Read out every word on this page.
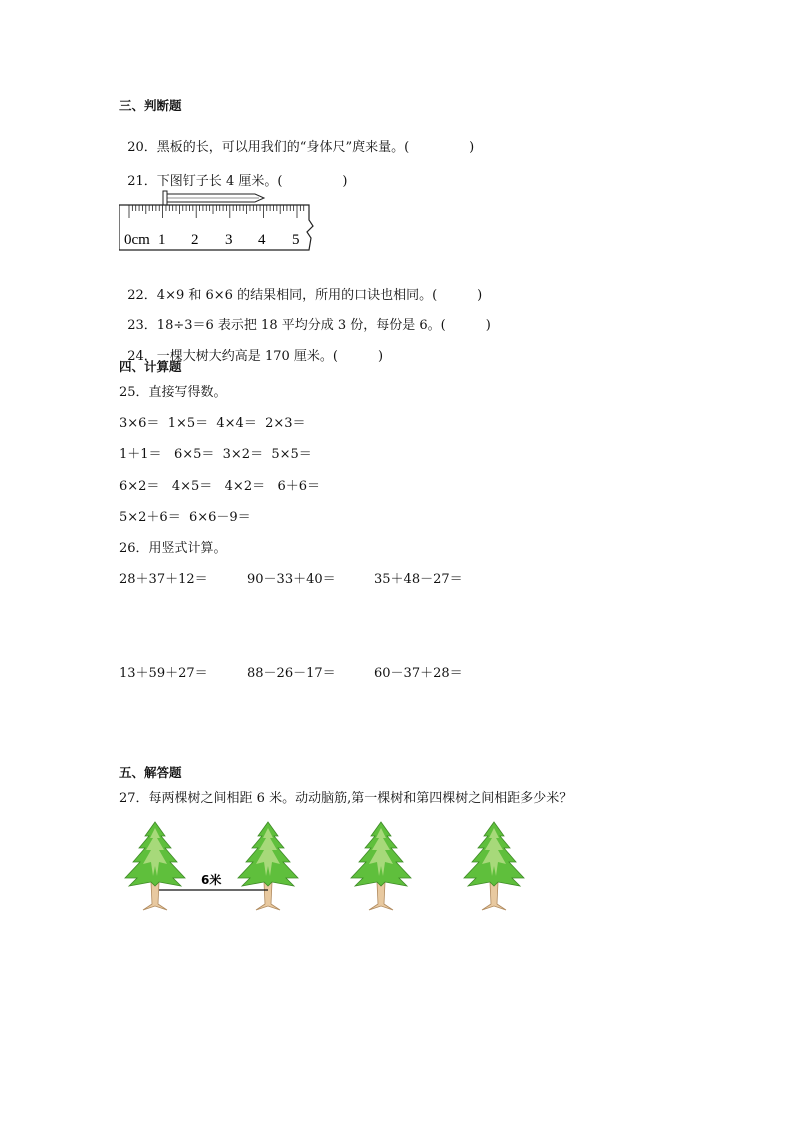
三、判断题

20．黑板的长，可以用我们的“身体尺”庹来量。(	)

21．下图钉子长 4 厘米。(	)

0cm 1 2 3 4 5

22．4×9 和 6×6 的结果相同，所用的口诀也相同。(	)

23．18÷3＝6 表示把 18 平均分成 3 份，每份是 6。(	)

24．一棵大树大约高是 170 厘米。(	)

四、计算题
25．直接写得数。
3×6＝  1×5＝  4×4＝  2×3＝
1＋1＝   6×5＝  3×2＝  5×5＝
6×2＝   4×5＝   4×2＝   6＋6＝
5×2＋6＝  6×6－9＝
26．用竖式计算。
28＋37＋12＝	90－33＋40＝	35＋48－27＝
13＋59＋27＝	88－26－17＝	60－37＋28＝
五、解答题
27．每两棵树之间相距 6 米。动动脑筋,第一棵树和第四棵树之间相距多少米？
6米
